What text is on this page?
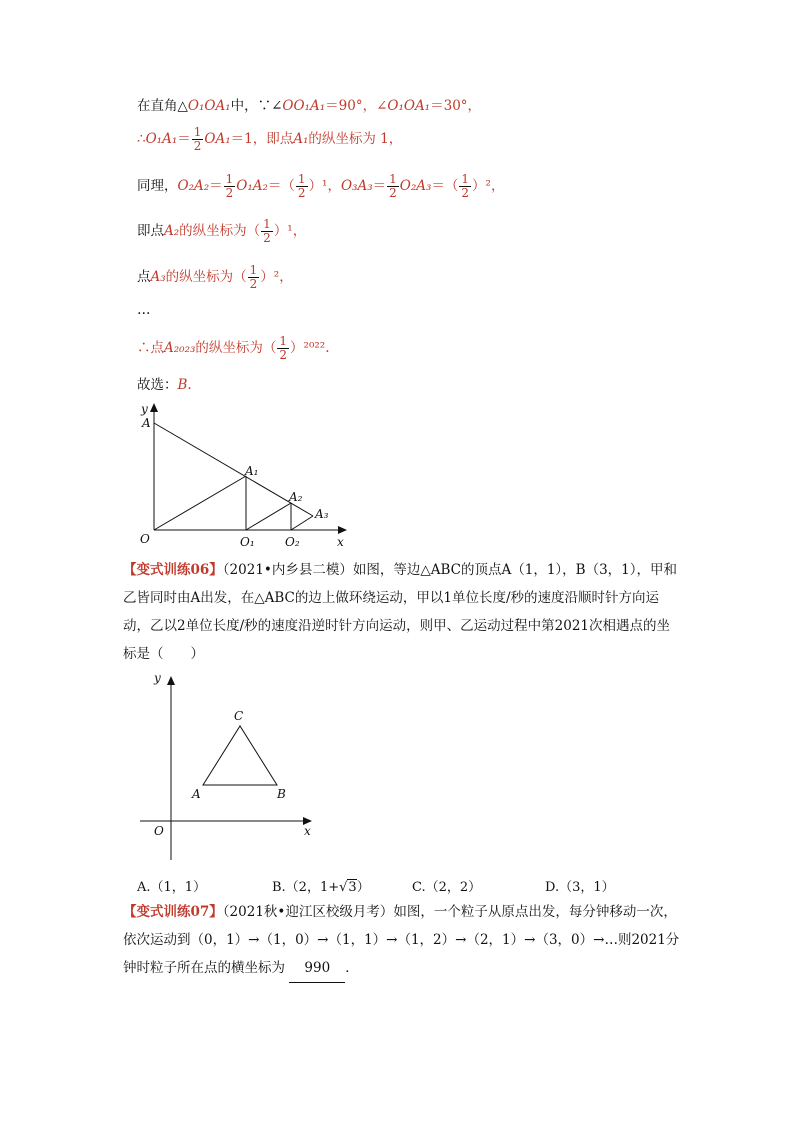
在直角△O₁OA₁中，∵∠OO₁A₁＝90°，∠O₁OA₁＝30°，
∴O₁A₁＝ $\frac{1}{2} OA_1=1$，即点A₁的纵坐标为 1，
同理，$O_2A_2= \frac{1}{2} O_1A_2=( \frac{1}{2} )^1$，$O_3A_3= \frac{1}{2} O_2A_3=( \frac{1}{2} )^2$，
即点A₂的纵坐标为（ $\frac{1}{2} )^1$，
点A₃的纵坐标为（ $\frac{1}{2} )^2$，
…
∴点A₂₀₂₃的纵坐标为（ $\frac{1}{2} )^{2022}$.
故选：B.
y
A
A₁
A₂
A₃
O	O₁	O₂	x
【变式训练06】（2021•内乡县二模）如图，等边△ABC的顶点A（1，1），B（3，1），甲和乙皆同时由A出发，在△ABC的边上做环绕运动，甲以1单位长度/秒的速度沿顺时针方向运动，乙以2单位长度/秒的速度沿逆时针方向运动，则甲、乙运动过程中第2021次相遇点的坐标是（　　）
y
C
A	B
O	x
A.（1，1）	B.（2，1+√3）	C.（2，2）	D.（3，1）
【变式训练07】（2021秋•迎江区校级月考）如图，一个粒子从原点出发，每分钟移动一次，依次运动到（0，1）→（1，0）→（1，1）→（1，2）→（2，1）→（3，0）→…则2021分钟时粒子所在点的横坐标为 990 ．
